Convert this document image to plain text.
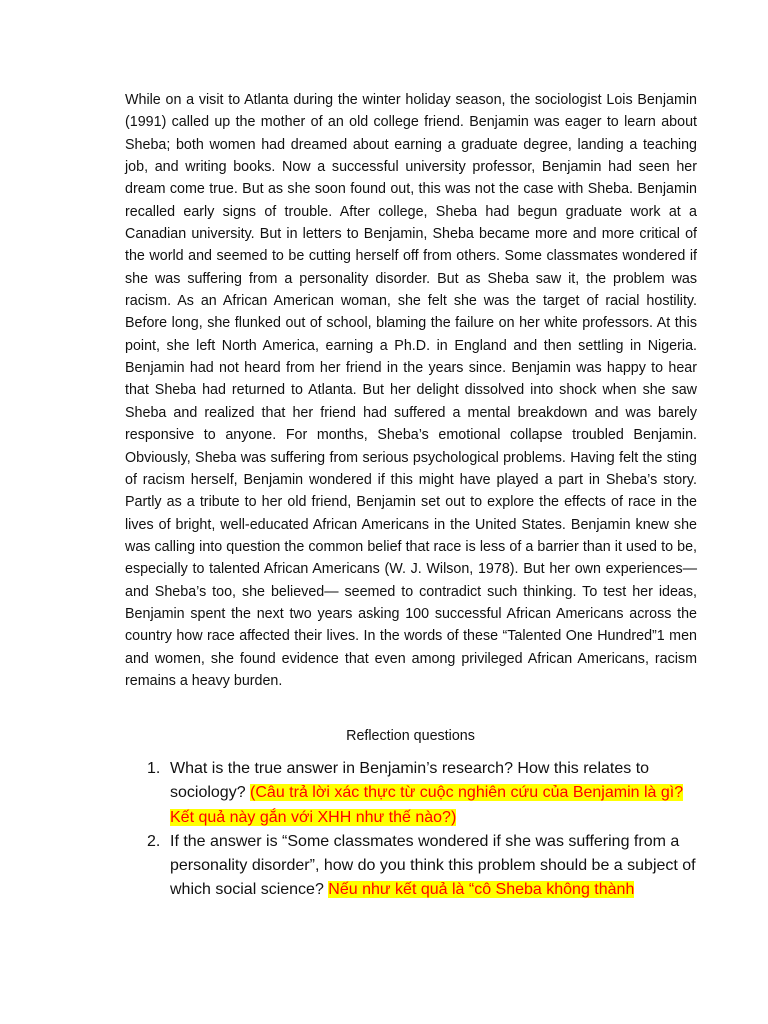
While on a visit to Atlanta during the winter holiday season, the sociologist Lois Benjamin (1991) called up the mother of an old college friend. Benjamin was eager to learn about Sheba; both women had dreamed about earning a graduate degree, landing a teaching job, and writing books. Now a successful university professor, Benjamin had seen her dream come true. But as she soon found out, this was not the case with Sheba. Benjamin recalled early signs of trouble. After college, Sheba had begun graduate work at a Canadian university. But in letters to Benjamin, Sheba became more and more critical of the world and seemed to be cutting herself off from others. Some classmates wondered if she was suffering from a personality disorder. But as Sheba saw it, the problem was racism. As an African American woman, she felt she was the target of racial hostility. Before long, she flunked out of school, blaming the failure on her white professors. At this point, she left North America, earning a Ph.D. in England and then settling in Nigeria. Benjamin had not heard from her friend in the years since. Benjamin was happy to hear that Sheba had returned to Atlanta. But her delight dissolved into shock when she saw Sheba and realized that her friend had suffered a mental breakdown and was barely responsive to anyone. For months, Sheba’s emotional collapse troubled Benjamin. Obviously, Sheba was suffering from serious psychological problems. Having felt the sting of racism herself, Benjamin wondered if this might have played a part in Sheba’s story. Partly as a tribute to her old friend, Benjamin set out to explore the effects of race in the lives of bright, well-educated African Americans in the United States. Benjamin knew she was calling into question the common belief that race is less of a barrier than it used to be, especially to talented African Americans (W. J. Wilson, 1978). But her own experiences—and Sheba’s too, she believed— seemed to contradict such thinking. To test her ideas, Benjamin spent the next two years asking 100 successful African Americans across the country how race affected their lives. In the words of these “Talented One Hundred”1 men and women, she found evidence that even among privileged African Americans, racism remains a heavy burden.

Reflection questions

1. What is the true answer in Benjamin’s research? How this relates to sociology? (Câu trả lời xác thực từ cuộc nghiên cứu của Benjamin là gì? Kết quả này gắn với XHH như thế nào?)
2. If the answer is “Some classmates wondered if she was suffering from a personality disorder”, how do you think this problem should be a subject of which social science? Nếu như kết quả là “cô Sheba không thành
